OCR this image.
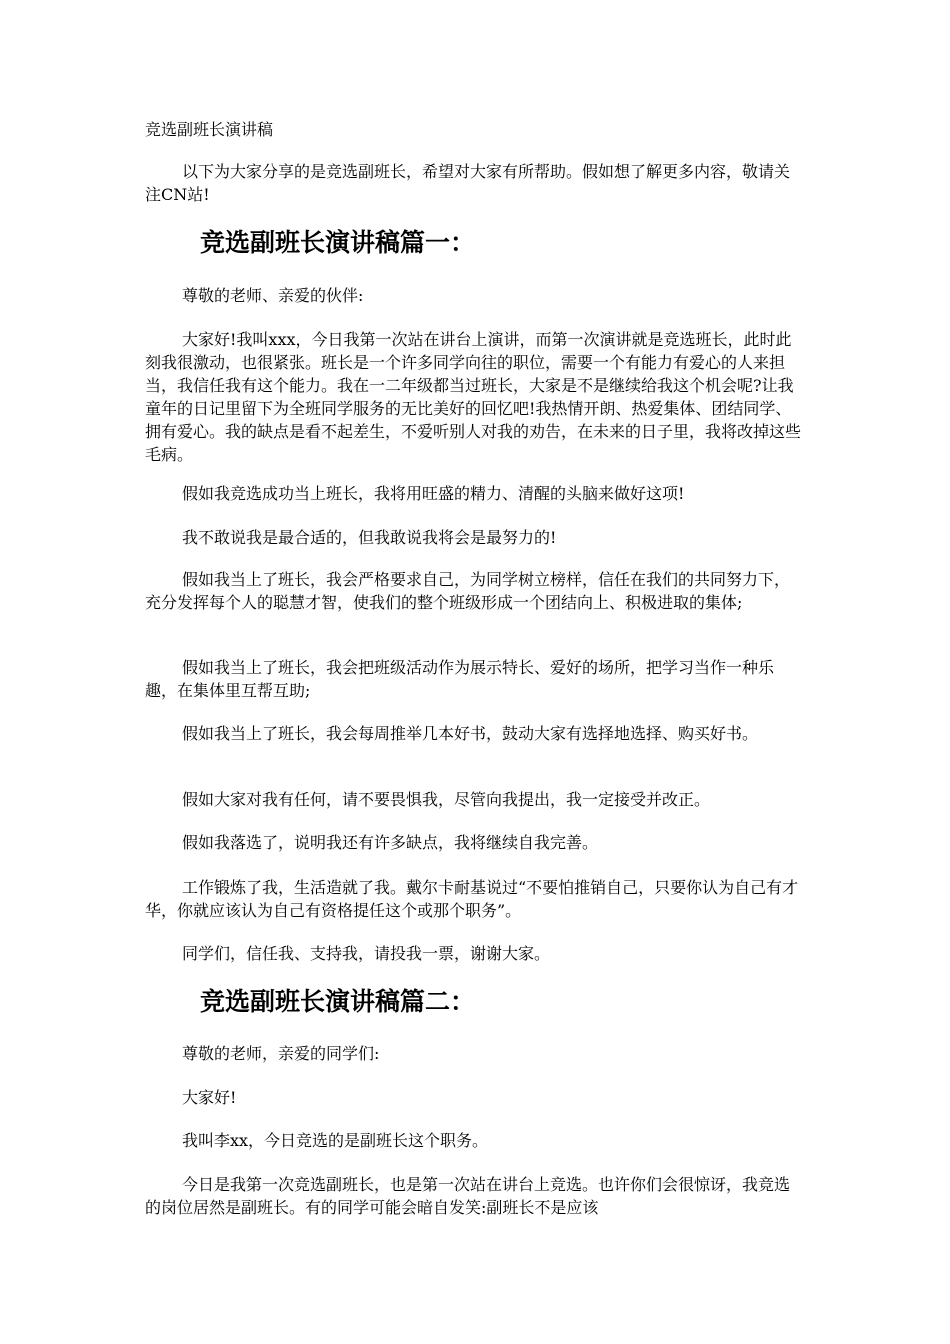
竞选副班长演讲稿
以下为大家分享的是竞选副班长，希望对大家有所帮助。假如想了解更多内容，敬请关注CN站!
竞选副班长演讲稿篇一：
尊敬的老师、亲爱的伙伴:
大家好!我叫xxx，今日我第一次站在讲台上演讲，而第一次演讲就是竞选班长，此时此刻我很激动，也很紧张。班长是一个许多同学向往的职位，需要一个有能力有爱心的人来担当，我信任我有这个能力。我在一二年级都当过班长，大家是不是继续给我这个机会呢?让我童年的日记里留下为全班同学服务的无比美好的回忆吧!我热情开朗、热爱集体、团结同学、拥有爱心。我的缺点是看不起差生，不爱听别人对我的劝告，在未来的日子里，我将改掉这些毛病。
假如我竞选成功当上班长，我将用旺盛的精力、清醒的头脑来做好这项!
我不敢说我是最合适的，但我敢说我将会是最努力的!
假如我当上了班长，我会严格要求自己，为同学树立榜样，信任在我们的共同努力下，充分发挥每个人的聪慧才智，使我们的整个班级形成一个团结向上、积极进取的集体;
假如我当上了班长，我会把班级活动作为展示特长、爱好的场所，把学习当作一种乐趣，在集体里互帮互助;
假如我当上了班长，我会每周推举几本好书，鼓动大家有选择地选择、购买好书。
假如大家对我有任何，请不要畏惧我，尽管向我提出，我一定接受并改正。
假如我落选了，说明我还有许多缺点，我将继续自我完善。
工作锻炼了我，生活造就了我。戴尔卡耐基说过“不要怕推销自己，只要你认为自己有才华，你就应该认为自己有资格提任这个或那个职务”。
同学们，信任我、支持我，请投我一票，谢谢大家。
竞选副班长演讲稿篇二：
尊敬的老师，亲爱的同学们:
大家好!
我叫李xx，今日竞选的是副班长这个职务。
今日是我第一次竞选副班长，也是第一次站在讲台上竞选。也许你们会很惊讶，我竞选的岗位居然是副班长。有的同学可能会暗自发笑:副班长不是应该
